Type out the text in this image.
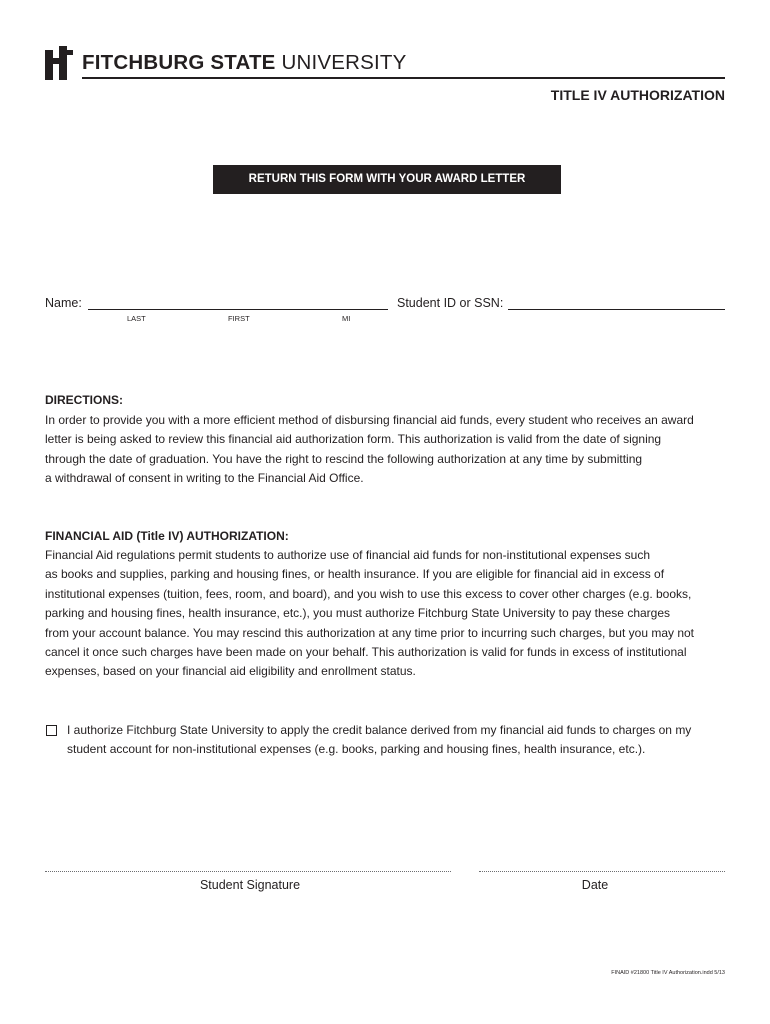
FITCHBURG STATE UNIVERSITY
TITLE IV AUTHORIZATION
RETURN THIS FORM WITH YOUR AWARD LETTER
Name:
LAST	FIRST	MI
Student ID or SSN:
DIRECTIONS:
In order to provide you with a more efficient method of disbursing financial aid funds, every student who receives an award
letter is being asked to review this financial aid authorization form. This authorization is valid from the date of signing
through the date of graduation. You have the right to rescind the following authorization at any time by submitting
a withdrawal of consent in writing to the Financial Aid Office.
FINANCIAL AID (Title IV) AUTHORIZATION:
Financial Aid regulations permit students to authorize use of financial aid funds for non-institutional expenses such
as books and supplies, parking and housing fines, or health insurance. If you are eligible for financial aid in excess of
institutional expenses (tuition, fees, room, and board), and you wish to use this excess to cover other charges (e.g. books,
parking and housing fines, health insurance, etc.), you must authorize Fitchburg State University to pay these charges
from your account balance. You may rescind this authorization at any time prior to incurring such charges, but you may not
cancel it once such charges have been made on your behalf. This authorization is valid for funds in excess of institutional
expenses, based on your financial aid eligibility and enrollment status.
I authorize Fitchburg State University to apply the credit balance derived from my financial aid funds to charges on my
student account for non-institutional expenses (e.g. books, parking and housing fines, health insurance, etc.).
Student Signature	Date
FINAID #21800 Title IV Authorization.indd 5/13
